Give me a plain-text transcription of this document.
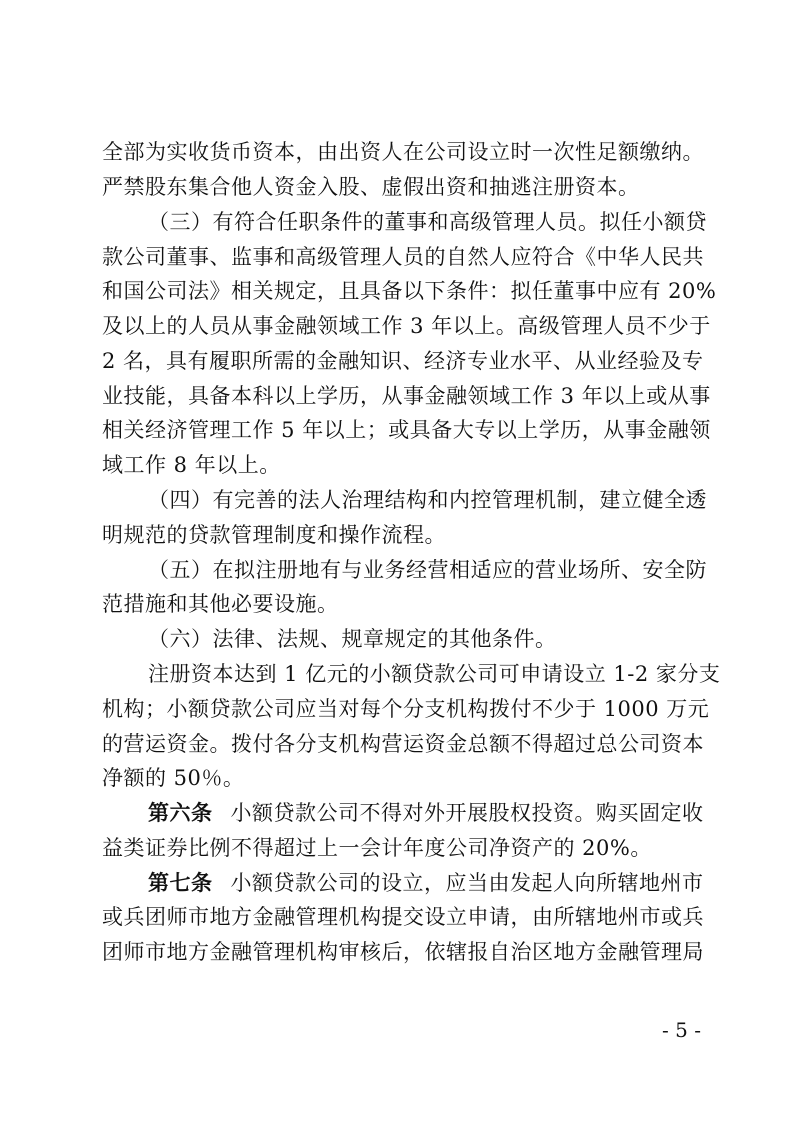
全部为实收货币资本，由出资人在公司设立时一次性足额缴纳。
严禁股东集合他人资金入股、虚假出资和抽逃注册资本。
（三）有符合任职条件的董事和高级管理人员。拟任小额贷
款公司董事、监事和高级管理人员的自然人应符合《中华人民共
和国公司法》相关规定，且具备以下条件：拟任董事中应有 20%
及以上的人员从事金融领域工作 3 年以上。高级管理人员不少于
2 名，具有履职所需的金融知识、经济专业水平、从业经验及专
业技能，具备本科以上学历，从事金融领域工作 3 年以上或从事
相关经济管理工作 5 年以上；或具备大专以上学历，从事金融领
域工作 8 年以上。
（四）有完善的法人治理结构和内控管理机制，建立健全透
明规范的贷款管理制度和操作流程。
（五）在拟注册地有与业务经营相适应的营业场所、安全防
范措施和其他必要设施。
（六）法律、法规、规章规定的其他条件。
注册资本达到 1 亿元的小额贷款公司可申请设立 1-2 家分支
机构；小额贷款公司应当对每个分支机构拨付不少于 1000 万元
的营运资金。拨付各分支机构营运资金总额不得超过总公司资本
净额的 50％。
第六条 小额贷款公司不得对外开展股权投资。购买固定收
益类证券比例不得超过上一会计年度公司净资产的 20%。
第七条 小额贷款公司的设立，应当由发起人向所辖地州市
或兵团师市地方金融管理机构提交设立申请，由所辖地州市或兵
团师市地方金融管理机构审核后，依辖报自治区地方金融管理局
- 5 -
